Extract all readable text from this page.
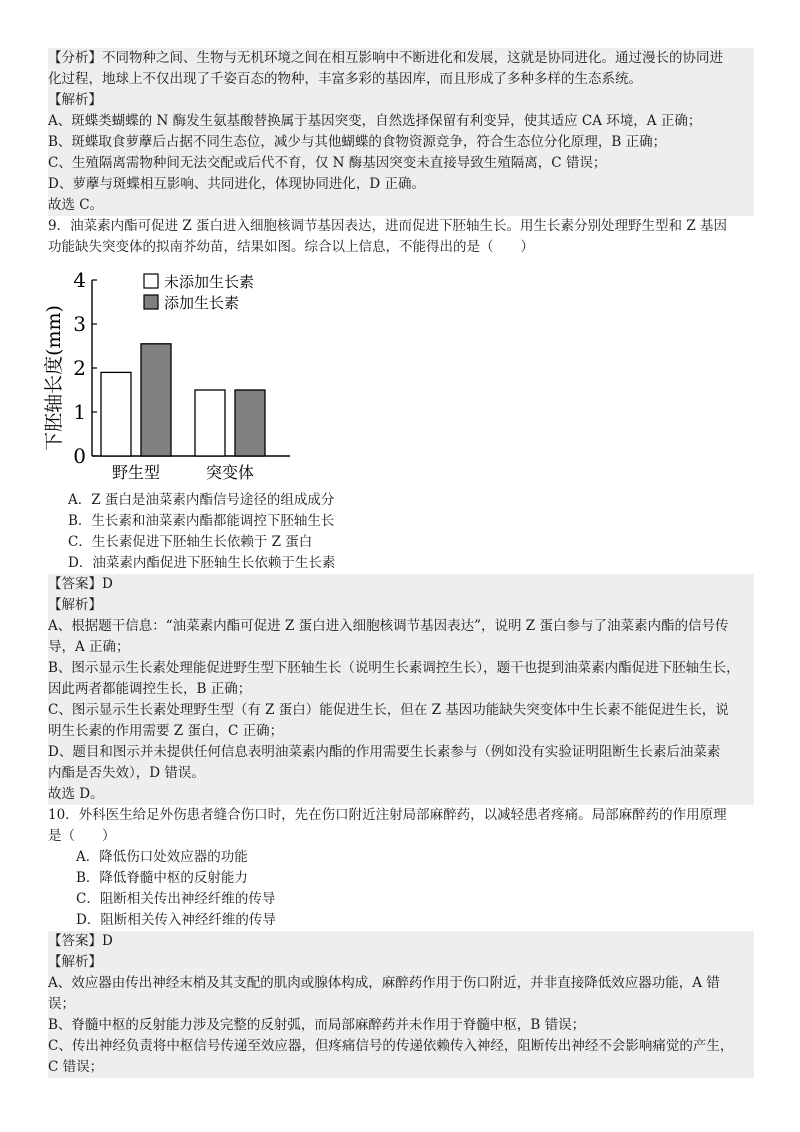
【分析】不同物种之间、生物与无机环境之间在相互影响中不断进化和发展，这就是协同进化。通过漫长的协同进
化过程，地球上不仅出现了千姿百态的物种，丰富多彩的基因库，而且形成了多种多样的生态系统。
【解析】
A、斑蝶类蝴蝶的 N 酶发生氨基酸替换属于基因突变，自然选择保留有利变异，使其适应 CA 环境，A 正确；
B、斑蝶取食萝藦后占据不同生态位，减少与其他蝴蝶的食物资源竞争，符合生态位分化原理，B 正确；
C、生殖隔离需物种间无法交配或后代不育，仅 N 酶基因突变未直接导致生殖隔离，C 错误；
D、萝藦与斑蝶相互影响、共同进化，体现协同进化，D 正确。
故选 C。
9．油菜素内酯可促进 Z 蛋白进入细胞核调节基因表达，进而促进下胚轴生长。用生长素分别处理野生型和 Z 基因
功能缺失突变体的拟南芥幼苗，结果如图。综合以上信息，不能得出的是（　　）
0
1
2
3
4
下胚轴长度(mm)
野生型	突变体
未添加生长素
添加生长素
A．Z 蛋白是油菜素内酯信号途径的组成成分
B．生长素和油菜素内酯都能调控下胚轴生长
C．生长素促进下胚轴生长依赖于 Z 蛋白
D．油菜素内酯促进下胚轴生长依赖于生长素
【答案】D
【解析】
A、根据题干信息：“油菜素内酯可促进 Z 蛋白进入细胞核调节基因表达”，说明 Z 蛋白参与了油菜素内酯的信号传
导，A 正确；
B、图示显示生长素处理能促进野生型下胚轴生长（说明生长素调控生长），题干也提到油菜素内酯促进下胚轴生长，
因此两者都能调控生长，B 正确；
C、图示显示生长素处理野生型（有 Z 蛋白）能促进生长，但在 Z 基因功能缺失突变体中生长素不能促进生长，说
明生长素的作用需要 Z 蛋白，C 正确；
D、题目和图示并未提供任何信息表明油菜素内酯的作用需要生长素参与（例如没有实验证明阻断生长素后油菜素
内酯是否失效），D 错误。
故选 D。
10．外科医生给足外伤患者缝合伤口时，先在伤口附近注射局部麻醉药，以减轻患者疼痛。局部麻醉药的作用原理
是（　　）
A．降低伤口处效应器的功能
B．降低脊髓中枢的反射能力
C．阻断相关传出神经纤维的传导
D．阻断相关传入神经纤维的传导
【答案】D
【解析】
A、效应器由传出神经末梢及其支配的肌肉或腺体构成，麻醉药作用于伤口附近，并非直接降低效应器功能，A 错
误；
B、脊髓中枢的反射能力涉及完整的反射弧，而局部麻醉药并未作用于脊髓中枢，B 错误；
C、传出神经负责将中枢信号传递至效应器，但疼痛信号的传递依赖传入神经，阻断传出神经不会影响痛觉的产生，
C 错误；
